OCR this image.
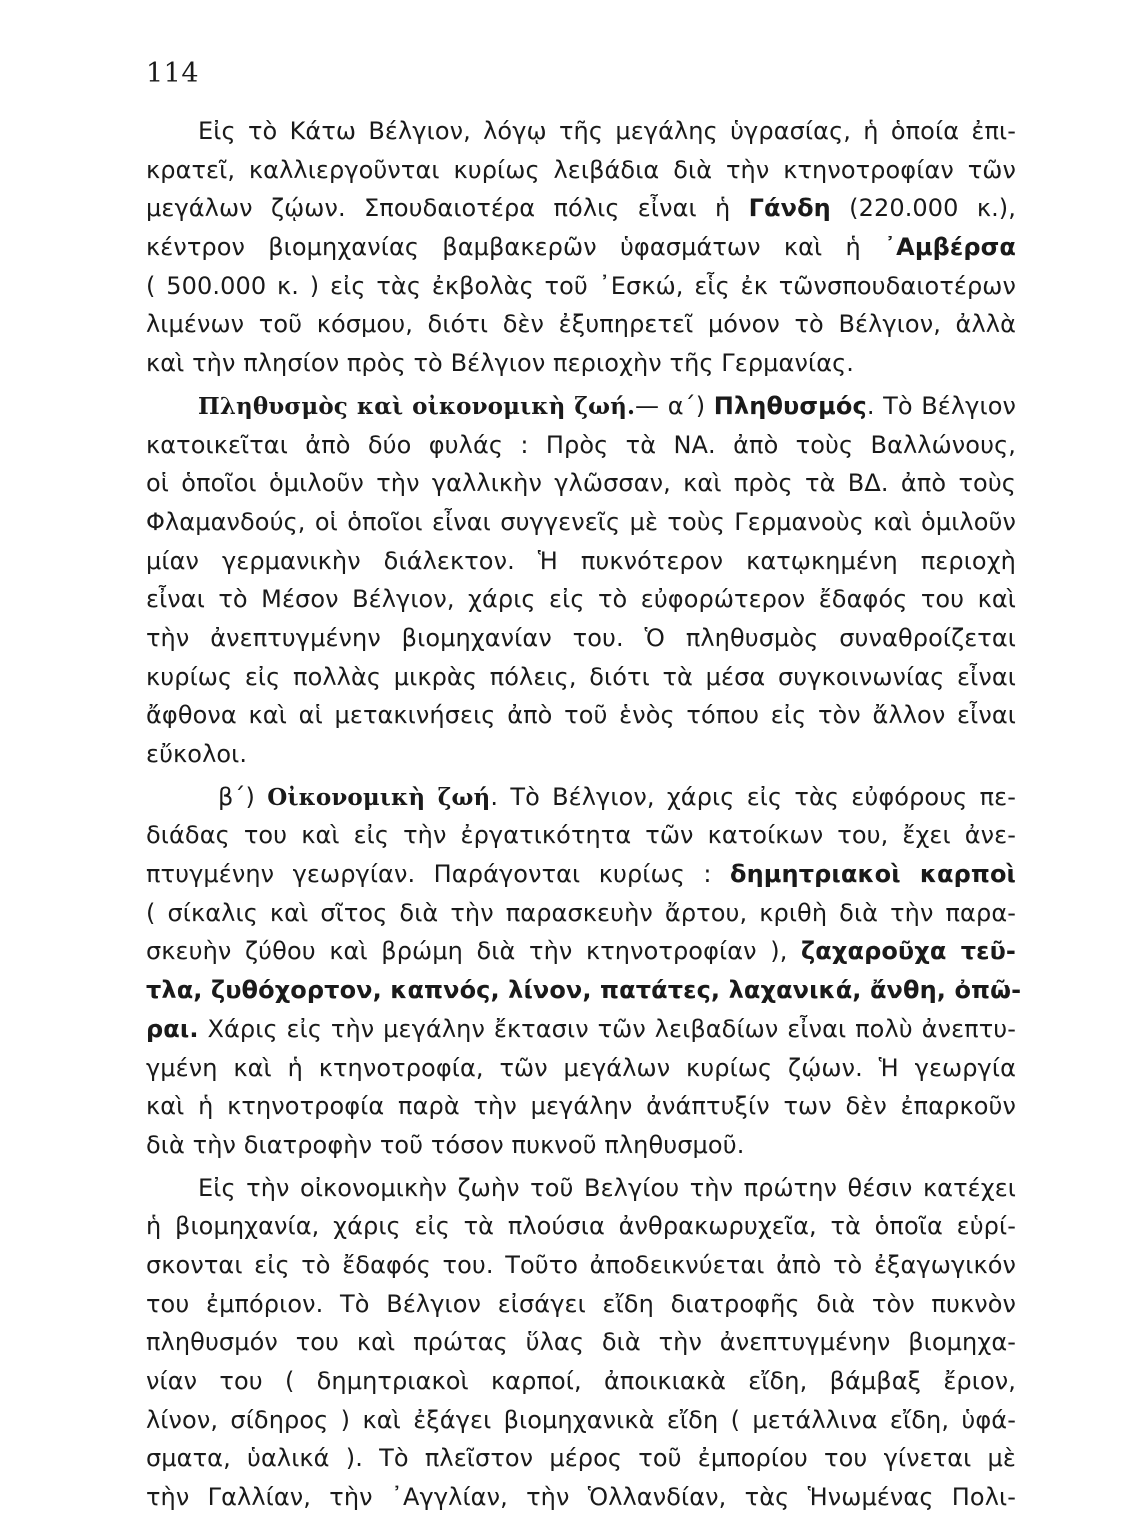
114
Εἰς τὸ Κάτω Βέλγιον, λόγῳ τῆς μεγάλης ὑγρασίας, ἡ ὁποία ἐπι-
κρατεῖ, καλλιεργοῦνται κυρίως λειβάδια διὰ τὴν κτηνοτροφίαν τῶν
μεγάλων ζῴων. Σπουδαιοτέρα πόλις εἶναι ἡ Γάνδη (220.000 κ.),
κέντρον βιομηχανίας βαμβακερῶν ὑφασμάτων καὶ ἡ ᾿Αμβέρσα
( 500.000 κ. ) εἰς τὰς ἐκβολὰς τοῦ ᾿Εσκώ, εἷς ἐκ τῶνσπουδαιοτέρων
λιμένων τοῦ κόσμου, διότι δὲν ἐξυπηρετεῖ μόνον τὸ Βέλγιον, ἀλλὰ
καὶ τὴν πλησίον πρὸς τὸ Βέλγιον περιοχὴν τῆς Γερμανίας.
Πληθυσμὸς καὶ οἰκονομικὴ ζωή.— α΄) Πληθυσμός. Τὸ Βέλγιον
κατοικεῖται ἀπὸ δύο φυλάς : Πρὸς τὰ ΝΑ. ἀπὸ τοὺς Βαλλώνους,
οἱ ὁποῖοι ὁμιλοῦν τὴν γαλλικὴν γλῶσσαν, καὶ πρὸς τὰ ΒΔ. ἀπὸ τοὺς
Φλαμανδούς, οἱ ὁποῖοι εἶναι συγγενεῖς μὲ τοὺς Γερμανοὺς καὶ ὁμιλοῦν
μίαν γερμανικὴν διάλεκτον. Ἡ πυκνότερον κατῳκημένη περιοχὴ
εἶναι τὸ Μέσον Βέλγιον, χάρις εἰς τὸ εὐφορώτερον ἔδαφός του καὶ
τὴν ἀνεπτυγμένην βιομηχανίαν του. Ὁ πληθυσμὸς συναθροίζεται
κυρίως εἰς πολλὰς μικρὰς πόλεις, διότι τὰ μέσα συγκοινωνίας εἶναι
ἄφθονα καὶ αἱ μετακινήσεις ἀπὸ τοῦ ἑνὸς τόπου εἰς τὸν ἄλλον εἶναι
εὔκολοι.
β΄) Οἰκονομικὴ ζωή. Τὸ Βέλγιον, χάρις εἰς τὰς εὐφόρους πε-
διάδας του καὶ εἰς τὴν ἐργατικότητα τῶν κατοίκων του, ἔχει ἀνε-
πτυγμένην γεωργίαν. Παράγονται κυρίως : δημητριακοὶ καρποὶ
( σίκαλις καὶ σῖτος διὰ τὴν παρασκευὴν ἄρτου, κριθὴ διὰ τὴν παρα-
σκευὴν ζύθου καὶ βρώμη διὰ τὴν κτηνοτροφίαν ), ζαχαροῦχα τεῦ-
τλα, ζυθόχορτον, καπνός, λίνον, πατάτες, λαχανικά, ἄνθη, ὀπῶ-
ραι. Χάρις εἰς τὴν μεγάλην ἔκτασιν τῶν λειβαδίων εἶναι πολὺ ἀνεπτυ-
γμένη καὶ ἡ κτηνοτροφία, τῶν μεγάλων κυρίως ζῴων. Ἡ γεωργία
καὶ ἡ κτηνοτροφία παρὰ τὴν μεγάλην ἀνάπτυξίν των δὲν ἐπαρκοῦν
διὰ τὴν διατροφὴν τοῦ τόσον πυκνοῦ πληθυσμοῦ.
Εἰς τὴν οἰκονομικὴν ζωὴν τοῦ Βελγίου τὴν πρώτην θέσιν κατέχει
ἡ βιομηχανία, χάρις εἰς τὰ πλούσια ἀνθρακωρυχεῖα, τὰ ὁποῖα εὑρί-
σκονται εἰς τὸ ἔδαφός του. Τοῦτο ἀποδεικνύεται ἀπὸ τὸ ἐξαγωγικόν
του ἐμπόριον. Τὸ Βέλγιον εἰσάγει εἴδη διατροφῆς διὰ τὸν πυκνὸν
πληθυσμόν του καὶ πρώτας ὕλας διὰ τὴν ἀνεπτυγμένην βιομηχα-
νίαν του ( δημητριακοὶ καρποί, ἀποικιακὰ εἴδη, βάμβαξ ἔριον,
λίνον, σίδηρος ) καὶ ἐξάγει βιομηχανικὰ εἴδη ( μετάλλινα εἴδη, ὑφά-
σματα, ὑαλικά ). Τὸ πλεῖστον μέρος τοῦ ἐμπορίου του γίνεται μὲ
τὴν Γαλλίαν, τὴν ᾿Αγγλίαν, τὴν Ὁλλανδίαν, τὰς Ἡνωμένας Πολι-
